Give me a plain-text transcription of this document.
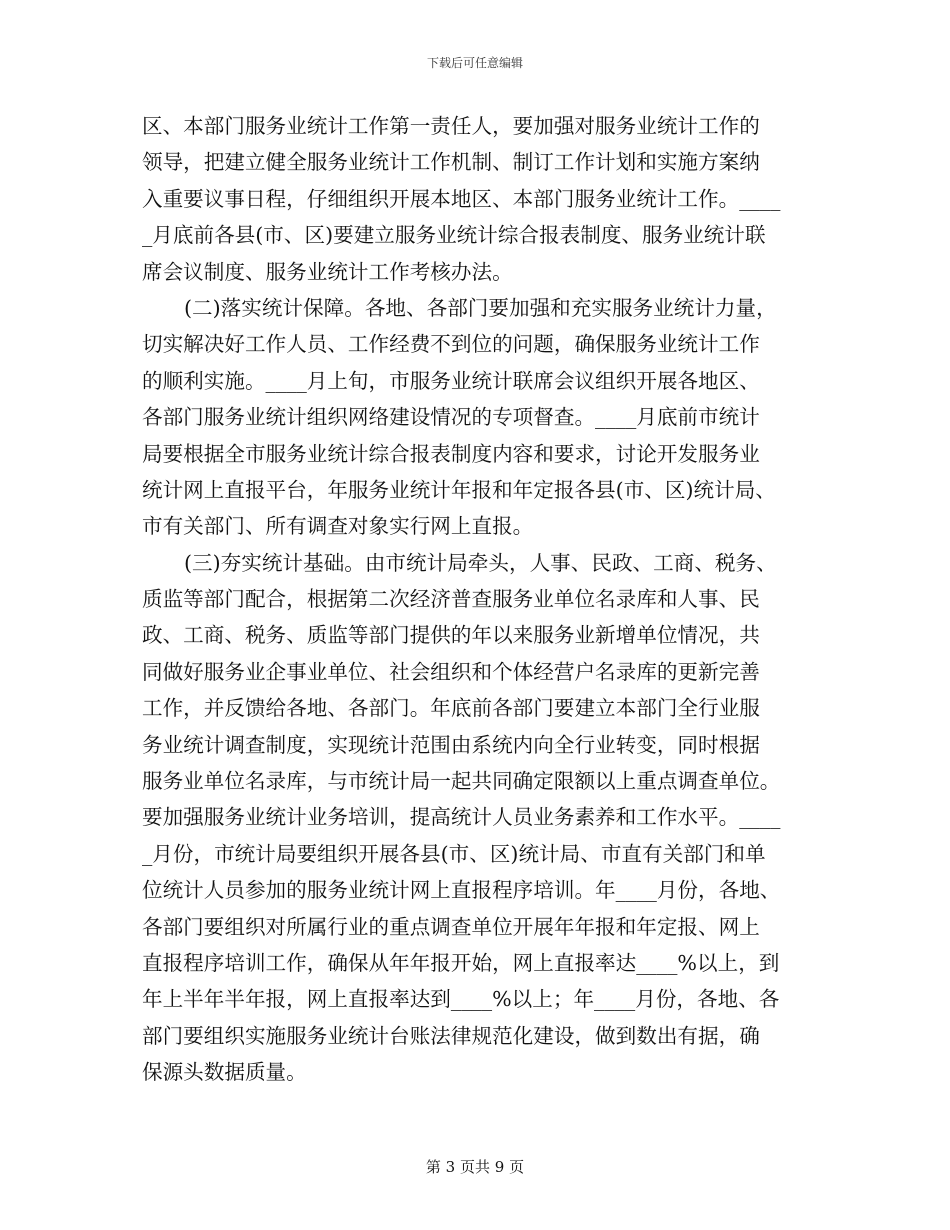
下载后可任意编辑
区、本部门服务业统计工作第一责任人，要加强对服务业统计工作的
领导，把建立健全服务业统计工作机制、制订工作计划和实施方案纳
入重要议事日程，仔细组织开展本地区、本部门服务业统计工作。____
_月底前各县(市、区)要建立服务业统计综合报表制度、服务业统计联
席会议制度、服务业统计工作考核办法。
(二)落实统计保障。各地、各部门要加强和充实服务业统计力量，
切实解决好工作人员、工作经费不到位的问题，确保服务业统计工作
的顺利实施。____月上旬，市服务业统计联席会议组织开展各地区、
各部门服务业统计组织网络建设情况的专项督查。____月底前市统计
局要根据全市服务业统计综合报表制度内容和要求，讨论开发服务业
统计网上直报平台，年服务业统计年报和年定报各县(市、区)统计局、
市有关部门、所有调查对象实行网上直报。
(三)夯实统计基础。由市统计局牵头，人事、民政、工商、税务、
质监等部门配合，根据第二次经济普查服务业单位名录库和人事、民
政、工商、税务、质监等部门提供的年以来服务业新增单位情况，共
同做好服务业企事业单位、社会组织和个体经营户名录库的更新完善
工作，并反馈给各地、各部门。年底前各部门要建立本部门全行业服
务业统计调查制度，实现统计范围由系统内向全行业转变，同时根据
服务业单位名录库，与市统计局一起共同确定限额以上重点调查单位。
要加强服务业统计业务培训，提高统计人员业务素养和工作水平。____
_月份，市统计局要组织开展各县(市、区)统计局、市直有关部门和单
位统计人员参加的服务业统计网上直报程序培训。年____月份，各地、
各部门要组织对所属行业的重点调查单位开展年年报和年定报、网上
直报程序培训工作，确保从年年报开始，网上直报率达____%以上，到
年上半年半年报，网上直报率达到____%以上；年____月份，各地、各
部门要组织实施服务业统计台账法律规范化建设，做到数出有据，确
保源头数据质量。
第 3 页共 9 页
